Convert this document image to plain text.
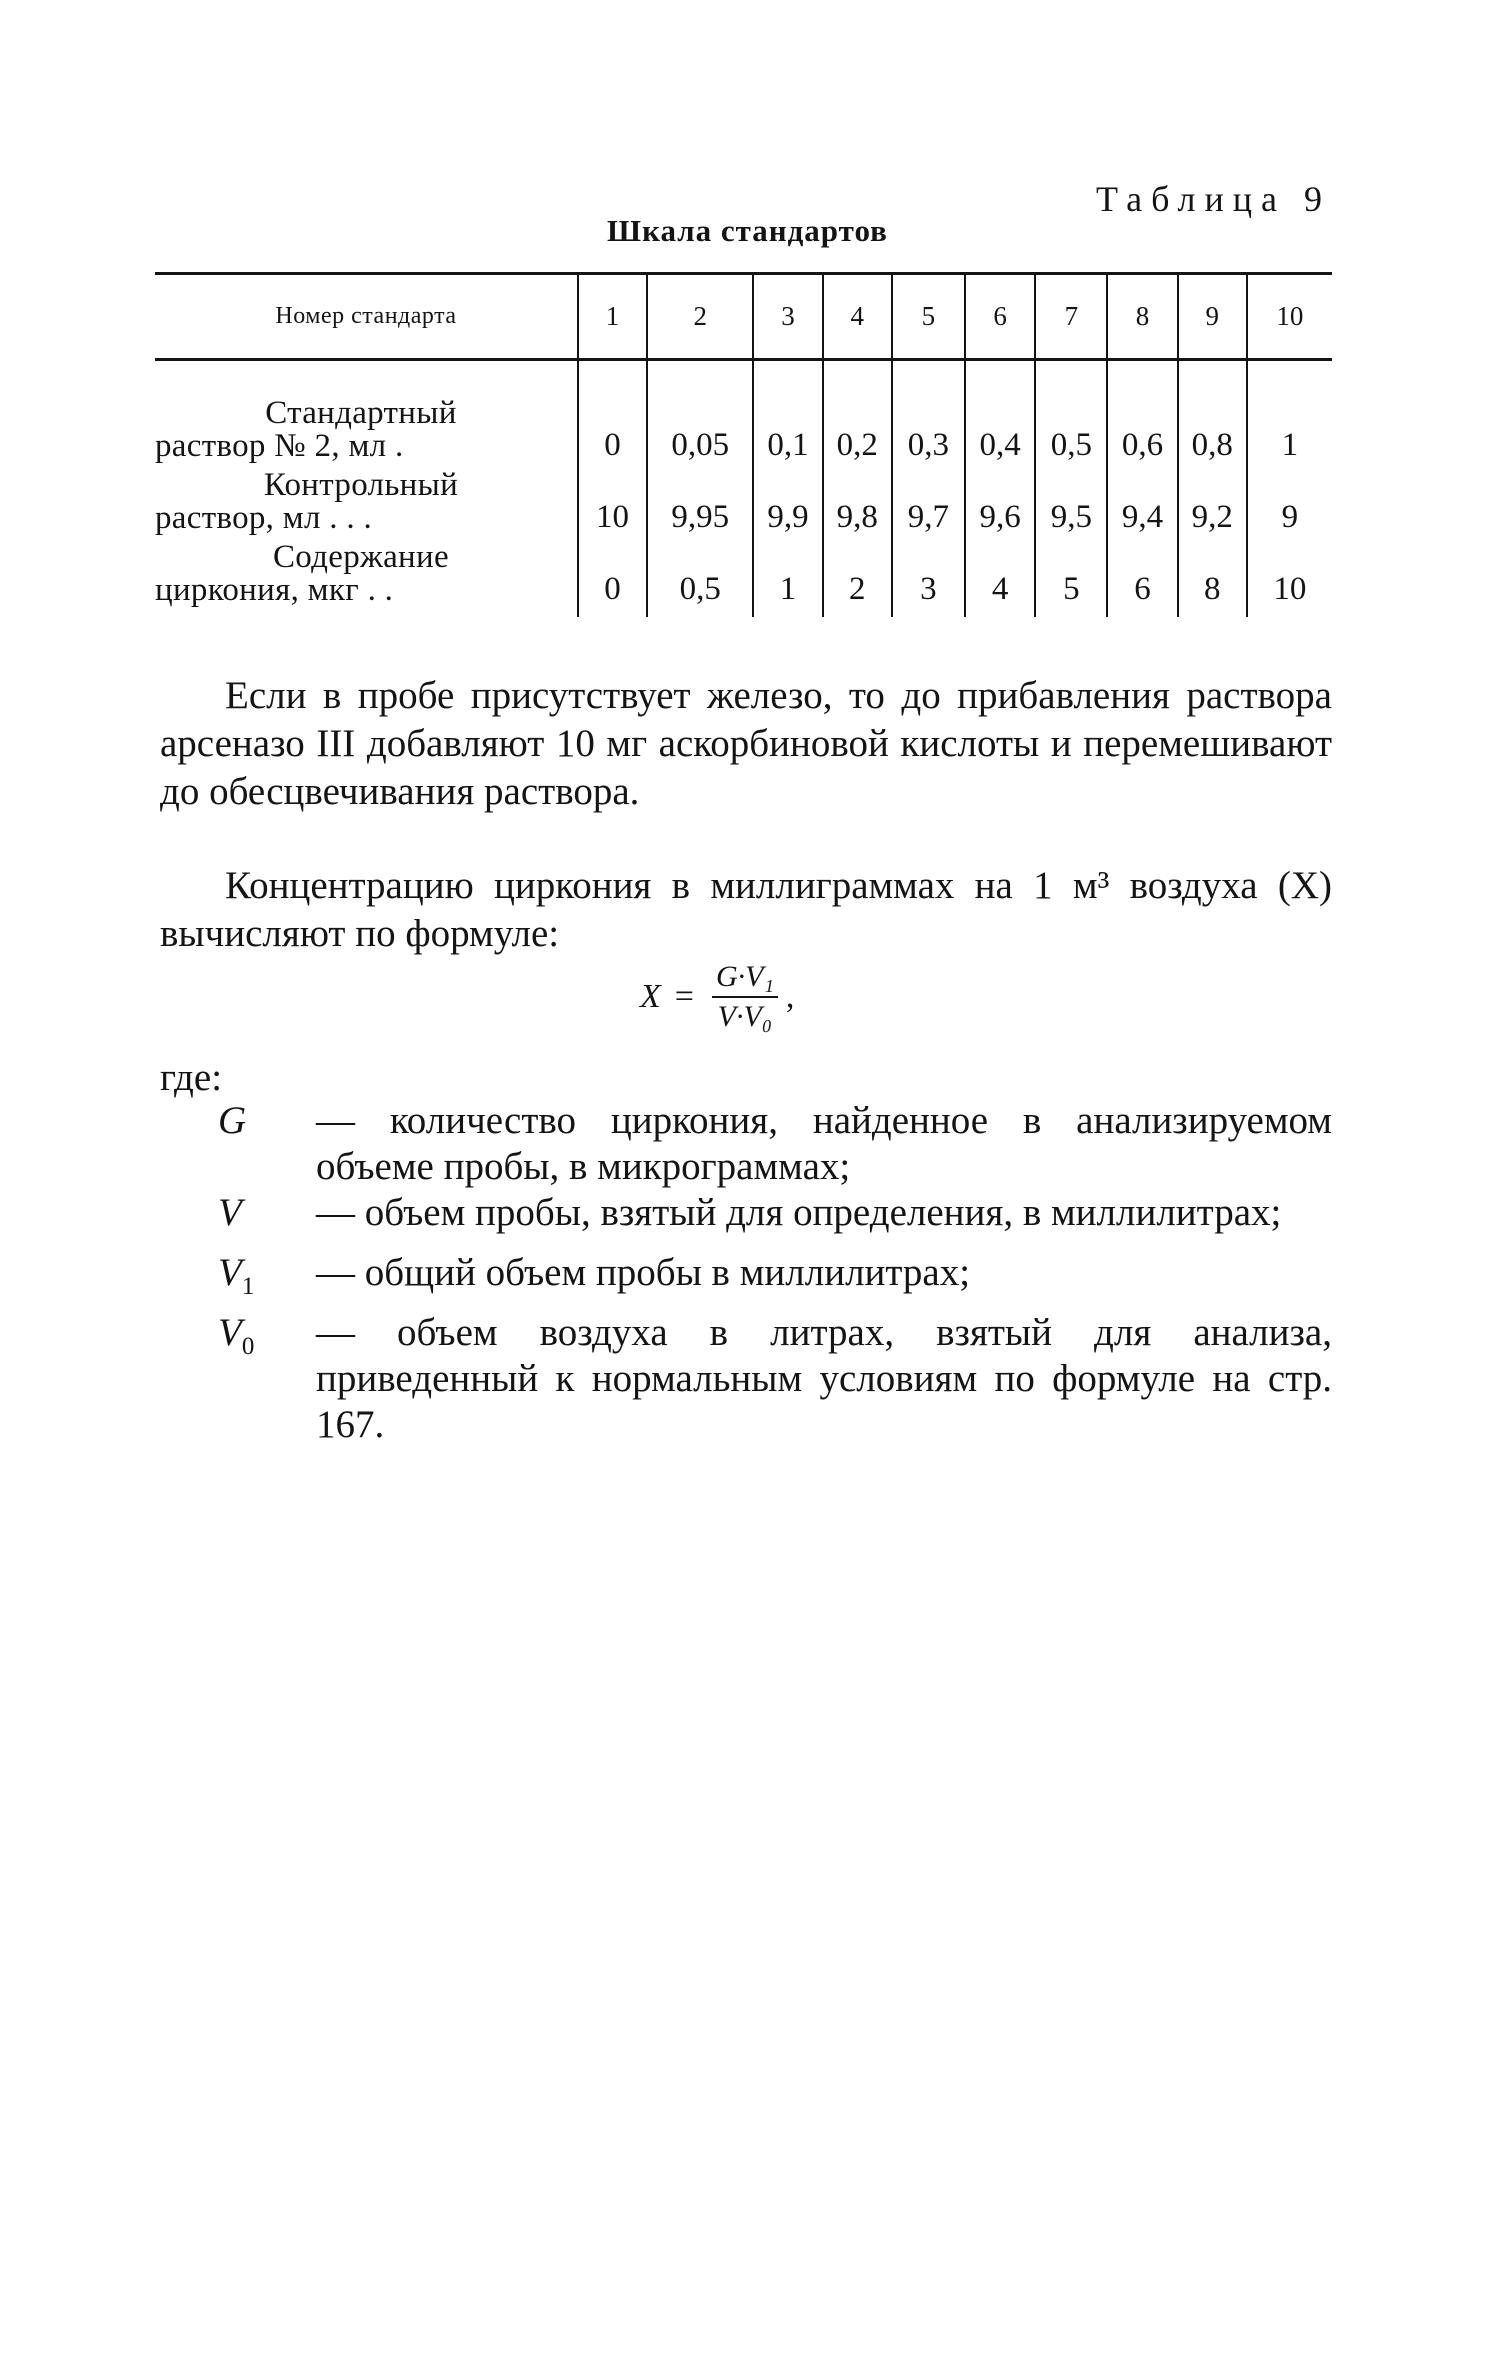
Таблица 9
Шкала стандартов
Номер стандарта	1	2	3	4	5	6	7	8	9	10

Стандартный
раствор № 2, мл .	0	0,05	0,1	0,2	0,3	0,4	0,5	0,6	0,8	1

Контрольный
раствор, мл . . .	10	9,95	9,9	9,8	9,7	9,6	9,5	9,4	9,2	9

Содержание
циркония, мкг . .	0	0,5	1	2	3	4	5	6	8	10

Если в пробе присутствует железо, то до прибавления раствора арсеназо III добавляют 10 мг аскорбиновой кислоты и перемешивают до обесцвечивания раствора.

Концентрацию циркония в миллиграммах на 1 м³ воздуха (X) вычисляют по формуле:

$X = \frac{\text{G·V₁}}{\text{V·V₀}}$ ,
где:
G	— количество циркония, найденное в анализируемом объеме пробы, в микрограммах;
V	— объем пробы, взятый для определения, в миллилитрах;
$V_1$	— общий объем пробы в миллилитрах;
$V_0$	— объем воздуха в литрах, взятый для анализа, приведенный к нормальным условиям по формуле на стр. 167.
